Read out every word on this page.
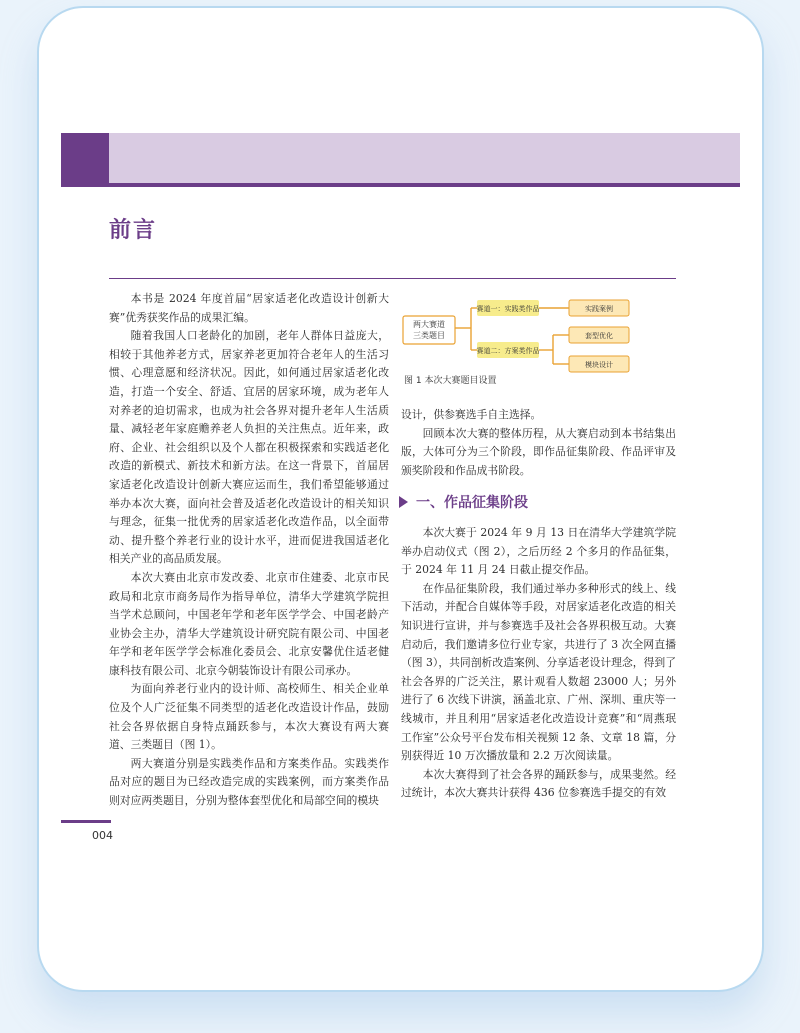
前言

本书是 2024 年度首届“居家适老化改造设计创新大赛”优秀获奖作品的成果汇编。

随着我国人口老龄化的加剧，老年人群体日益庞大，相较于其他养老方式，居家养老更加符合老年人的生活习惯、心理意愿和经济状况。因此，如何通过居家适老化改造，打造一个安全、舒适、宜居的居家环境，成为老年人对养老的迫切需求，也成为社会各界对提升老年人生活质量、减轻老年家庭赡养老人负担的关注焦点。近年来，政府、企业、社会组织以及个人都在积极探索和实践适老化改造的新模式、新技术和新方法。在这一背景下，首届居家适老化改造设计创新大赛应运而生，我们希望能够通过举办本次大赛，面向社会普及适老化改造设计的相关知识与理念，征集一批优秀的居家适老化改造作品，以全面带动、提升整个养老行业的设计水平，进而促进我国适老化相关产业的高品质发展。

本次大赛由北京市发改委、北京市住建委、北京市民政局和北京市商务局作为指导单位，清华大学建筑学院担当学术总顾问，中国老年学和老年医学学会、中国老龄产业协会主办，清华大学建筑设计研究院有限公司、中国老年学和老年医学学会标准化委员会、北京安馨优住适老健康科技有限公司、北京今朝装饰设计有限公司承办。

为面向养老行业内的设计师、高校师生、相关企业单位及个人广泛征集不同类型的适老化改造设计作品，鼓励社会各界依据自身特点踊跃参与，本次大赛设有两大赛道、三类题目（图 1）。

两大赛道分别是实践类作品和方案类作品。实践类作品对应的题目为已经改造完成的实践案例，而方案类作品则对应两类题目，分别为整体套型优化和局部空间的模块

两大赛道
三类题目
赛道一：实践类作品
赛道二：方案类作品
实践案例
套型优化
模块设计
图 1 本次大赛题目设置

设计，供参赛选手自主选择。

回顾本次大赛的整体历程，从大赛启动到本书结集出版，大体可分为三个阶段，即作品征集阶段、作品评审及颁奖阶段和作品成书阶段。

一、作品征集阶段

本次大赛于 2024 年 9 月 13 日在清华大学建筑学院举办启动仪式（图 2），之后历经 2 个多月的作品征集，于 2024 年 11 月 24 日截止提交作品。

在作品征集阶段，我们通过举办多种形式的线上、线下活动，并配合自媒体等手段，对居家适老化改造的相关知识进行宣讲，并与参赛选手及社会各界积极互动。大赛启动后，我们邀请多位行业专家，共进行了 3 次全网直播（图 3），共同剖析改造案例、分享适老设计理念，得到了社会各界的广泛关注，累计观看人数超 23000 人；另外进行了 6 次线下讲演，涵盖北京、广州、深圳、重庆等一线城市，并且利用“居家适老化改造设计竞赛”和“周燕珉工作室”公众号平台发布相关视频 12 条、文章 18 篇，分别获得近 10 万次播放量和 2.2 万次阅读量。

本次大赛得到了社会各界的踊跃参与，成果斐然。经过统计，本次大赛共计获得 436 位参赛选手提交的有效

004
